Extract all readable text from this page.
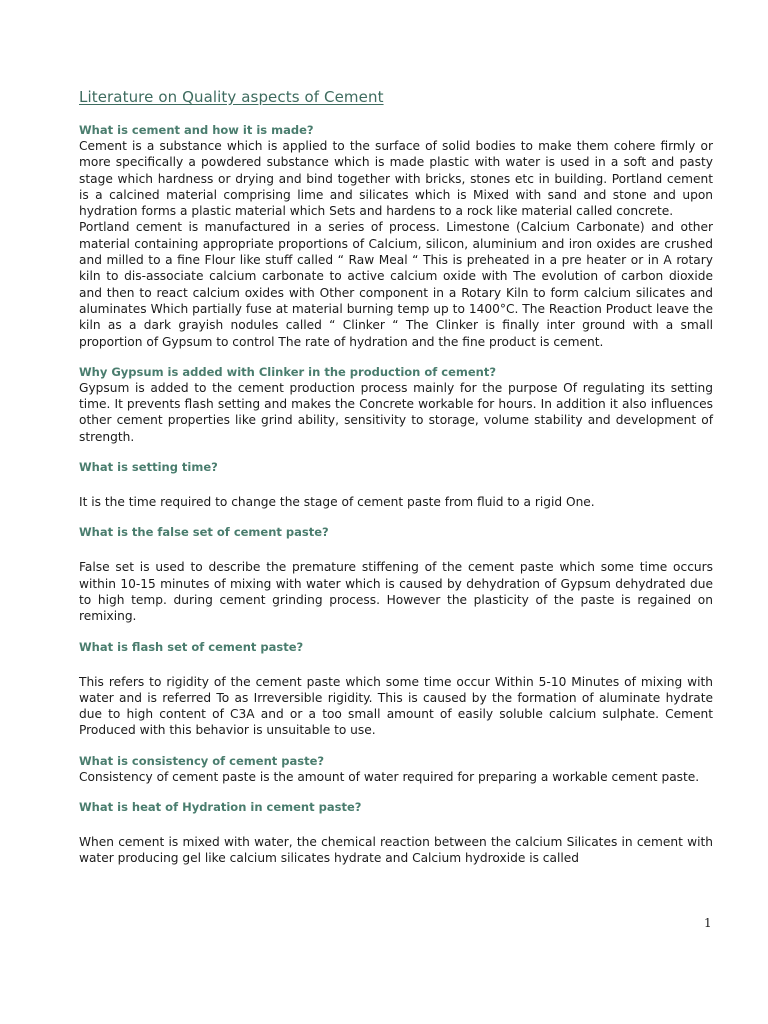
Literature on Quality aspects of Cement

What is cement and how it is made?

Cement is a substance which is applied to the surface of solid bodies to make them cohere firmly or more specifically a powdered substance which is made plastic with water is used in a soft and pasty stage which hardness or drying and bind together with bricks, stones etc in building. Portland cement is a calcined material comprising lime and silicates which is Mixed with sand and stone and upon hydration forms a plastic material which Sets and hardens to a rock like material called concrete.

Portland cement is manufactured in a series of process. Limestone (Calcium Carbonate) and other material containing appropriate proportions of Calcium, silicon, aluminium and iron oxides are crushed and milled to a fine Flour like stuff called “ Raw Meal “ This is preheated in a pre heater or in A rotary kiln to dis-associate calcium carbonate to active calcium oxide with The evolution of carbon dioxide and then to react calcium oxides with Other component in a Rotary Kiln to form calcium silicates and aluminates Which partially fuse at material burning temp up to 1400°C. The Reaction Product leave the kiln as a dark grayish nodules called “ Clinker “ The Clinker is finally inter ground with a small proportion of Gypsum to control The rate of hydration and the fine product is cement.

Why Gypsum is added with Clinker in the production of cement?

Gypsum is added to the cement production process mainly for the purpose Of regulating its setting time. It prevents flash setting and makes the Concrete workable for hours. In addition it also influences other cement properties like grind ability, sensitivity to storage, volume stability and development of strength.

What is setting time?

It is the time required to change the stage of cement paste from fluid to a rigid One.

What is the false set of cement paste?

False set is used to describe the premature stiffening of the cement paste which some time occurs within 10-15 minutes of mixing with water which is caused by dehydration of Gypsum dehydrated due to high temp. during cement grinding process. However the plasticity of the paste is regained on remixing.

What is flash set of cement paste?

This refers to rigidity of the cement paste which some time occur Within 5-10 Minutes of mixing with water and is referred To as Irreversible rigidity. This is caused by the formation of aluminate hydrate due to high content of C3A and or a too small amount of easily soluble calcium sulphate. Cement Produced with this behavior is unsuitable to use.

What is consistency of cement paste?

Consistency of cement paste is the amount of water required for preparing a workable cement paste.

What is heat of Hydration in cement paste?

When cement is mixed with water, the chemical reaction between the calcium Silicates in cement with water producing gel like calcium silicates hydrate and Calcium hydroxide is called

1
